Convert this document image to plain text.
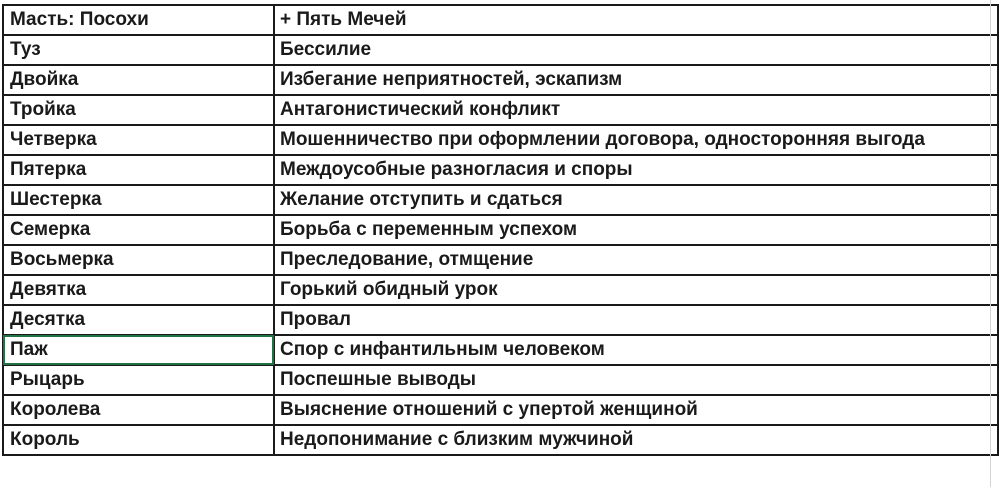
Масть: Посохи	+ Пять Мечей
Туз	Бессилие
Двойка	Избегание неприятностей, эскапизм
Тройка	Антагонистический конфликт
Четверка	Мошенничество при оформлении договора, односторонняя выгода
Пятерка	Междоусобные разногласия и споры
Шестерка	Желание отступить и сдаться
Семерка	Борьба с переменным успехом
Восьмерка	Преследование, отмщение
Девятка	Горький обидный урок
Десятка	Провал
Паж	Спор с инфантильным человеком
Рыцарь	Поспешные выводы
Королева	Выяснение отношений с упертой женщиной
Король	Недопонимание с близким мужчиной
